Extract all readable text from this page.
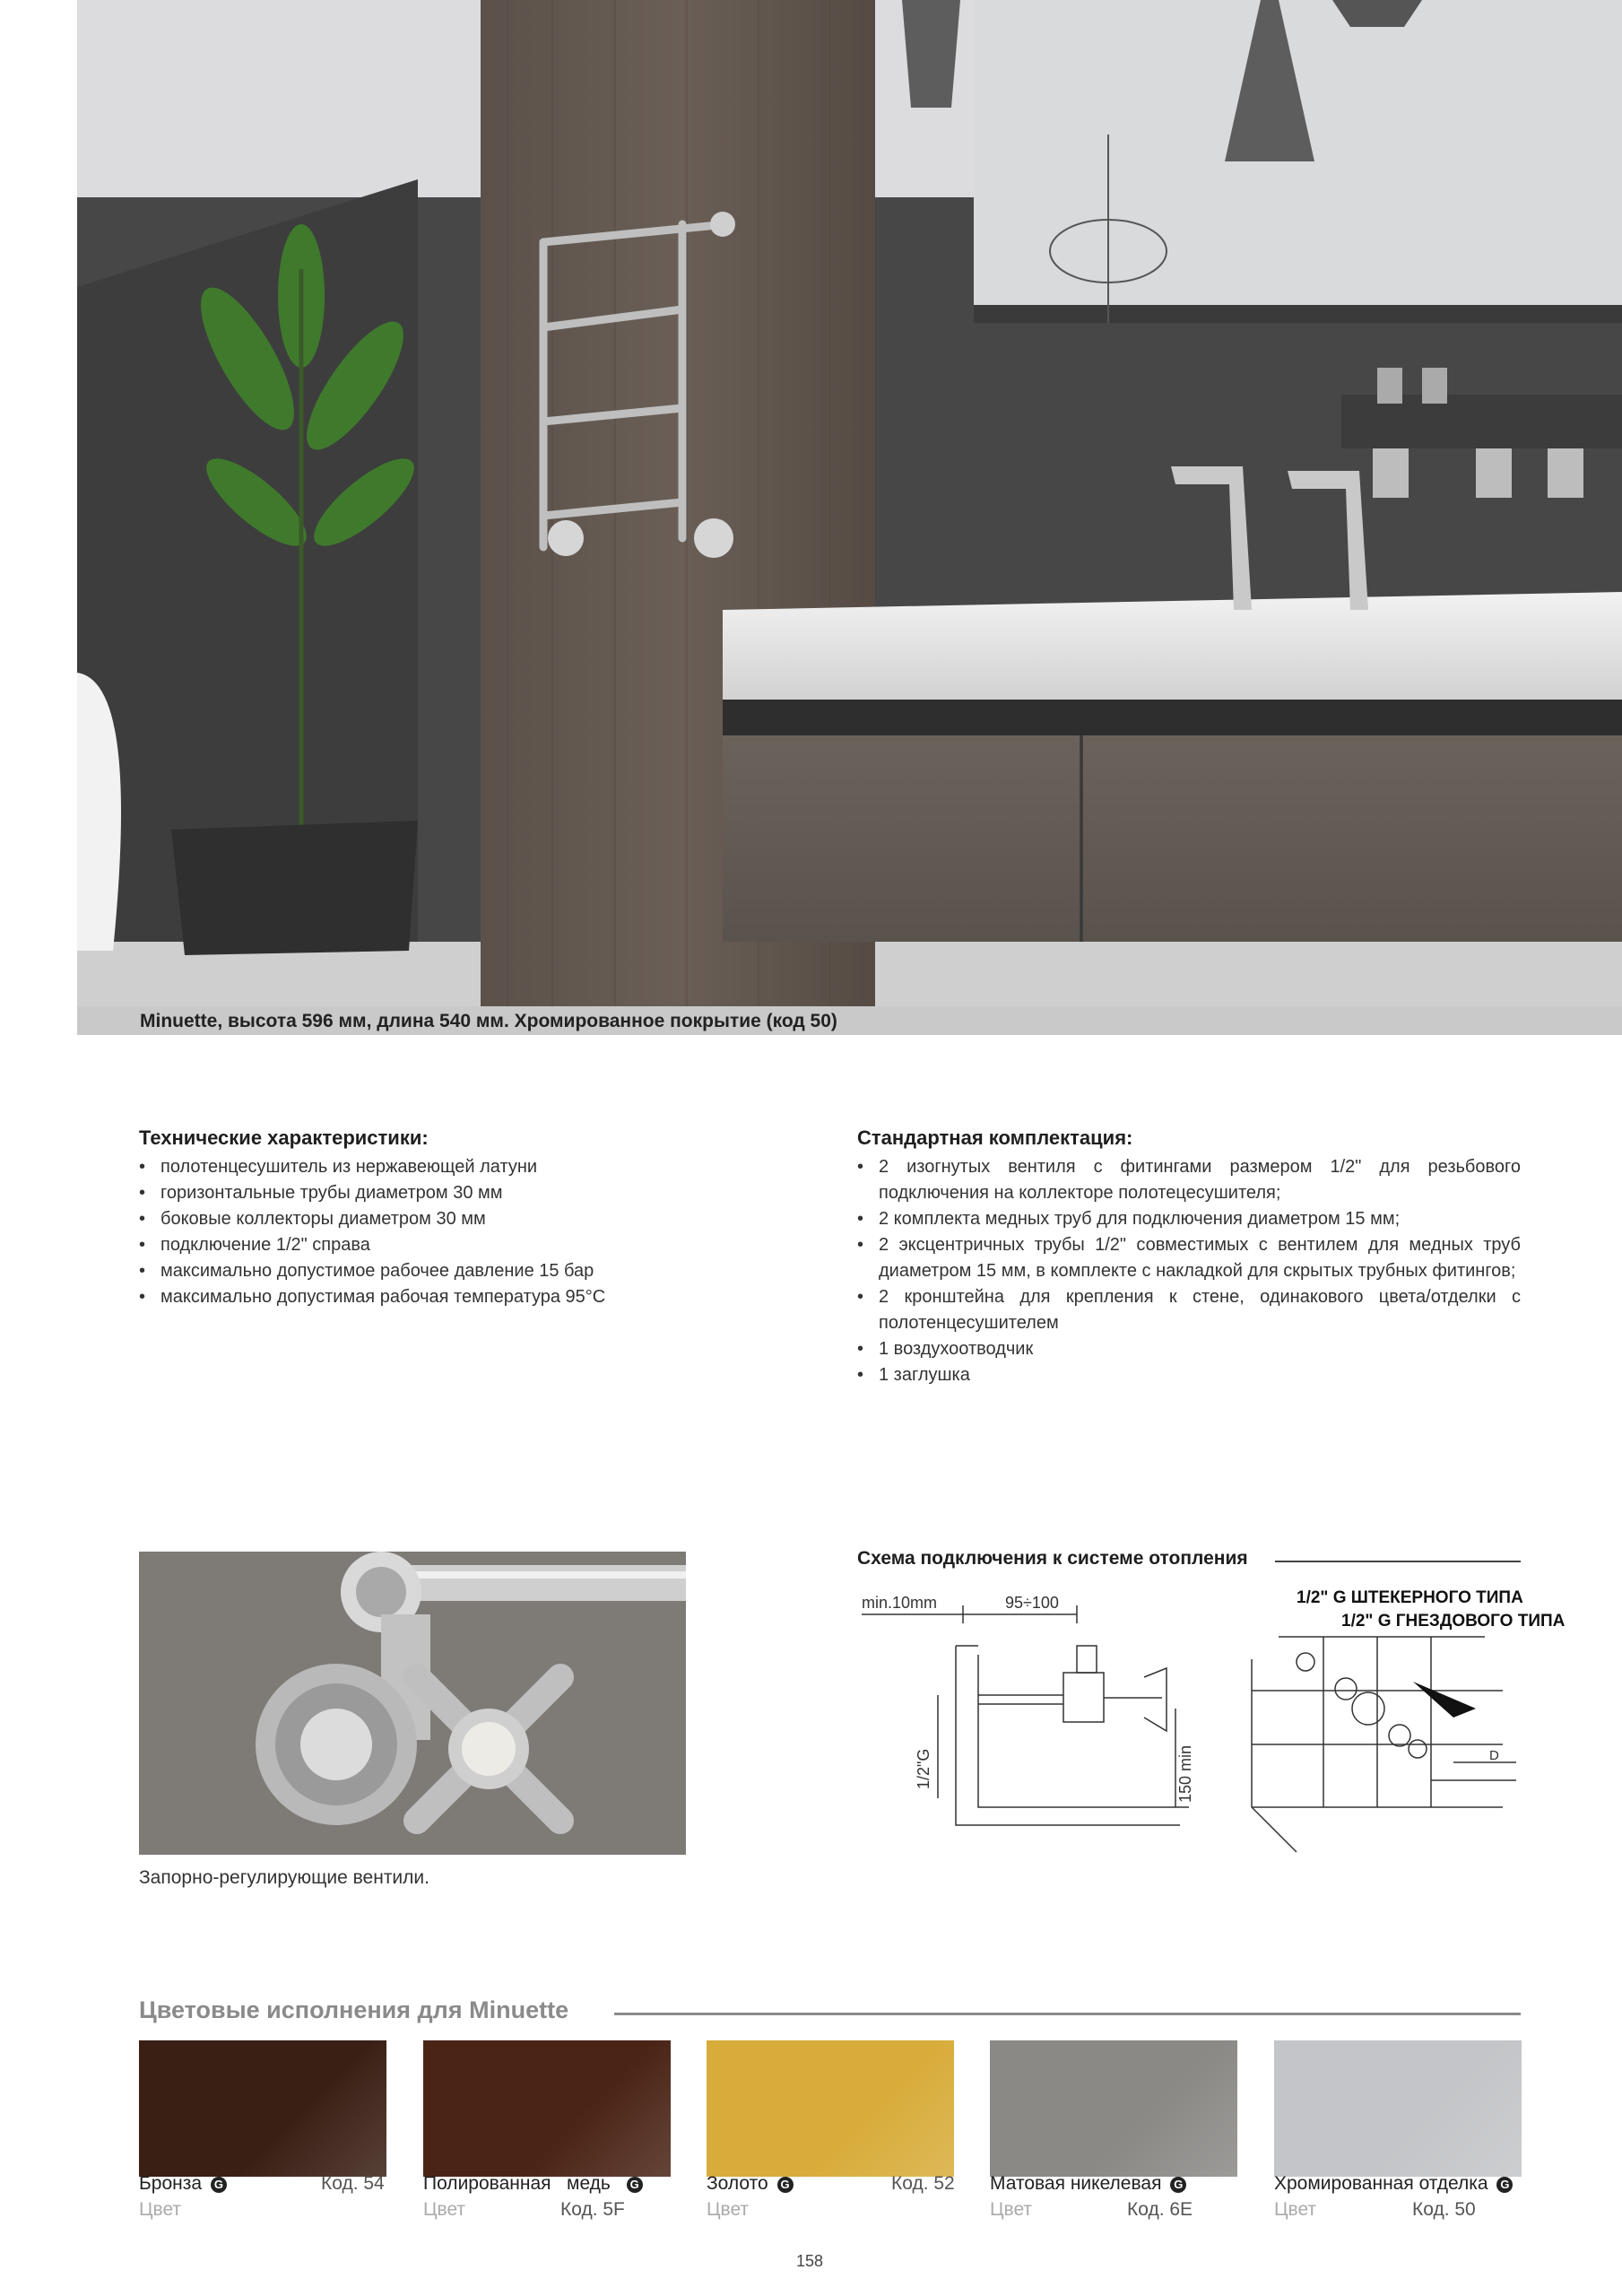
Minuette, высота 596 мм, длина 540 мм. Хромированное покрытие (код 50)
Технические характеристики:
• полотенцесушитель из нержавеющей латуни
• горизонтальные трубы диаметром 30 мм
• боковые коллекторы диаметром 30 мм
• подключение 1/2" справа
• максимально допустимое рабочее давление 15 бар
• максимально допустимая рабочая температура 95°C
Стандартная комплектация:
• 2 изогнутых вентиля с фитингами размером 1/2" для резьбового подключения на коллекторе полотецесушителя;
• 2 комплекта медных труб для подключения диаметром 15 мм;
• 2 эксцентричных трубы 1/2" совместимых с вентилем для медных труб диаметром 15 мм, в комплекте с накладкой для скрытых трубных фитингов;
• 2 кронштейна для крепления к стене, одинакового цвета/отделки с полотенцесушителем
• 1 воздухоотводчик
• 1 заглушка
Запорно-регулирующие вентили.
Схема подключения к системе отопления
min.10mm	95÷100
1/2"G	150 min	D
1/2" G ШТЕКЕРНОГО ТИПА
1/2" G ГНЕЗДОВОГО ТИПА
Цветовые исполнения для Minuette
Бронза G	Код. 54
Цвет
Полированная   медь G
Цвет	Код. 5F
Золото G	Код. 52
Цвет
Матовая никелевая G
Цвет	Код. 6E
Хромированная отделка G
Цвет	Код. 50
158
